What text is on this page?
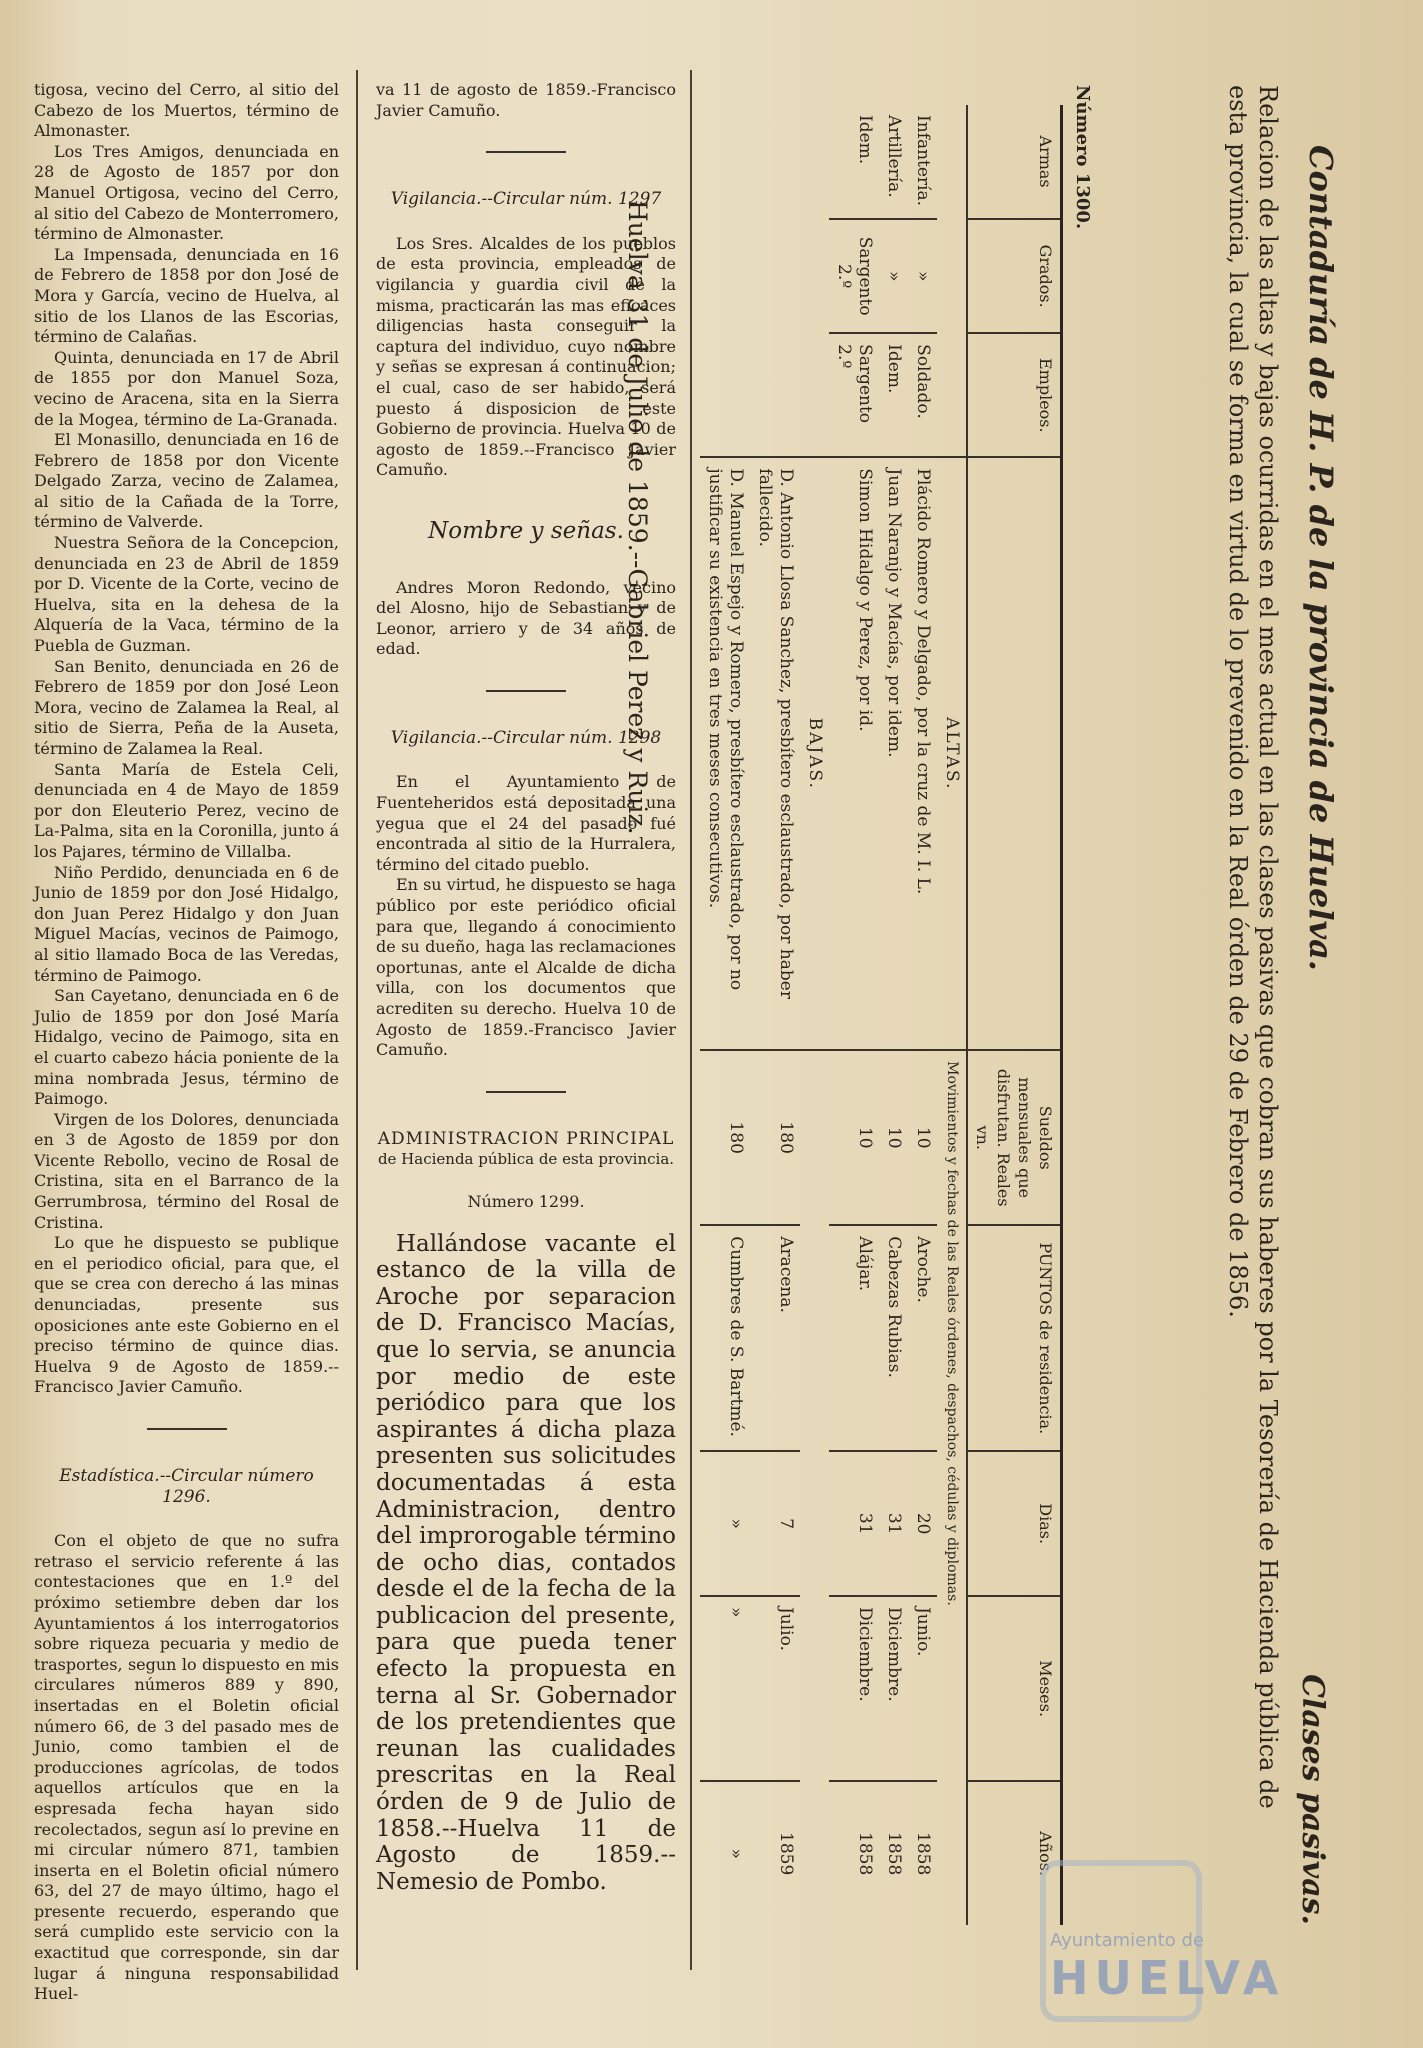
tigosa, vecino del Cerro, al sitio del Cabezo de los Muertos, término de Almonaster.

Los Tres Amigos, denunciada en 28 de Agosto de 1857 por don Manuel Ortigosa, vecino del Cerro, al sitio del Cabezo de Monterromero, término de Almonaster.

La Impensada, denunciada en 16 de Febrero de 1858 por don José de Mora y García, vecino de Huelva, al sitio de los Llanos de las Escorias, término de Calañas.

Quinta, denunciada en 17 de Abril de 1855 por don Manuel Soza, vecino de Aracena, sita en la Sierra de la Mogea, término de La-Granada.

El Monasillo, denunciada en 16 de Febrero de 1858 por don Vicente Delgado Zarza, vecino de Zalamea, al sitio de la Cañada de la Torre, término de Valverde.

Nuestra Señora de la Concepcion, denunciada en 23 de Abril de 1859 por D. Vicente de la Corte, vecino de Huelva, sita en la dehesa de la Alquería de la Vaca, término de la Puebla de Guzman.

San Benito, denunciada en 26 de Febrero de 1859 por don José Leon Mora, vecino de Zalamea la Real, al sitio de Sierra, Peña de la Auseta, término de Zalamea la Real.

Santa María de Estela Celi, denunciada en 4 de Mayo de 1859 por don Eleuterio Perez, vecino de La-Palma, sita en la Coronilla, junto á los Pajares, término de Villalba.

Niño Perdido, denunciada en 6 de Junio de 1859 por don José Hidalgo, don Juan Perez Hidalgo y don Juan Miguel Macías, vecinos de Paimogo, al sitio llamado Boca de las Veredas, término de Paimogo.

San Cayetano, denunciada en 6 de Julio de 1859 por don José María Hidalgo, vecino de Paimogo, sita en el cuarto cabezo hácia poniente de la mina nombrada Jesus, término de Paimogo.

Virgen de los Dolores, denunciada en 3 de Agosto de 1859 por don Vicente Rebollo, vecino de Rosal de Cristina, sita en el Barranco de la Gerrumbrosa, término del Rosal de Cristina.

Lo que he dispuesto se publique en el periodico oficial, para que, el que se crea con derecho á las minas denunciadas, presente sus oposiciones ante este Gobierno en el preciso término de quince dias. Huelva 9 de Agosto de 1859.--Francisco Javier Camuño.

Estadística.--Circular número 1296.

Con el objeto de que no sufra retraso el servicio referente á las contestaciones que en 1.º del próximo setiembre deben dar los Ayuntamientos á los interrogatorios sobre riqueza pecuaria y medio de trasportes, segun lo dispuesto en mis circulares números 889 y 890, insertadas en el Boletin oficial número 66, de 3 del pasado mes de Junio, como tambien el de producciones agrícolas, de todos aquellos artículos que en la espresada fecha hayan sido recolectados, segun así lo previne en mi circular número 871, tambien inserta en el Boletin oficial número 63, del 27 de mayo último, hago el presente recuerdo, esperando que será cumplido este servicio con la exactitud que corresponde, sin dar lugar á ninguna responsabilidad Huel-

va 11 de agosto de 1859.-Francisco Javier Camuño.

Vigilancia.--Circular núm. 1297

Los Sres. Alcaldes de los pueblos de esta provincia, empleados de vigilancia y guardia civil de la misma, practicarán las mas eficaces diligencias hasta conseguir la captura del individuo, cuyo nombre y señas se expresan á continuacion; el cual, caso de ser habido, será puesto á disposicion de este Gobierno de provincia. Huelva 10 de agosto de 1859.--Francisco Javier Camuño.

Nombre y señas.

Andres Moron Redondo, vecino del Alosno, hijo de Sebastian y de Leonor, arriero y de 34 años de edad.

Vigilancia.--Circular núm. 1298

En el Ayuntamiento de Fuenteheridos está depositada una yegua que el 24 del pasado fué encontrada al sitio de la Hurralera, término del citado pueblo.

En su virtud, he dispuesto se haga público por este periódico oficial para que, llegando á conocimiento de su dueño, haga las reclamaciones oportunas, ante el Alcalde de dicha villa, con los documentos que acrediten su derecho. Huelva 10 de Agosto de 1859.-Francisco Javier Camuño.

ADMINISTRACION PRINCIPAL

de Hacienda pública de esta provincia.

Número 1299.

Hallándose vacante el estanco de la villa de Aroche por separacion de D. Francisco Macías, que lo servia, se anuncia por medio de este periódico para que los aspirantes á dicha plaza presenten sus solicitudes documentadas á esta Administracion, dentro del improrogable término de ocho dias, contados desde el de la fecha de la publicacion del presente, para que pueda tener efecto la propuesta en terna al Sr. Gobernador de los pretendientes que reunan las cualidades prescritas en la Real órden de 9 de Julio de 1858.--Huelva 11 de Agosto de 1859.--Nemesio de Pombo.

Contaduría de H. P. de la provincia de Huelva.
Clases pasivas.
Relacion de las altas y bajas ocurridas en el mes actual en las clases pasivas que cobran sus haberes por la Tesorería de Hacienda pública de esta provincia, la cual se forma en virtud de lo prevenido en la Real órden de 29 de Febrero de 1856.
Número 1300.
Armas	Grados.	Empleos.		Sueldos mensuales que disfrutan. Reales vn.	PUNTOS de residencia.	Dias.	Meses.	Años.
			ALTAS.	Movimientos y fechas de las Reales órdenes, despachos, cédulas y diplomas.				
Infantería.	»	Soldado.	Plácido Romero y Delgado, por la cruz de M. I. L.	10	Aroche.	20	Junio.	1858
Artillería.	»	Idem.	Juan Naranjo y Macías, por idem.	10	Cabezas Rubias.	31	Diciembre.	1858
Idem.	Sargento 2.º	Sargento 2.º	Simon Hidalgo y Perez, por id.	10	Alájar.	31	Diciembre.	1858
			BAJAS.					
			D. Antonio Llosa Sanchez, presbítero esclaustrado, por haber fallecido.	180	Aracena.	7	Julio.	1859
			D. Manuel Espejo y Romero, presbítero esclaustrado, por no justificar su existencia en tres meses consecutivos.	180	Cumbres de S. Bartmé.	»	»	»
Huelva 31 de Julio de 1859.--Gabriel Perez y Ruiz.
Ayuntamiento de
HUELVA
